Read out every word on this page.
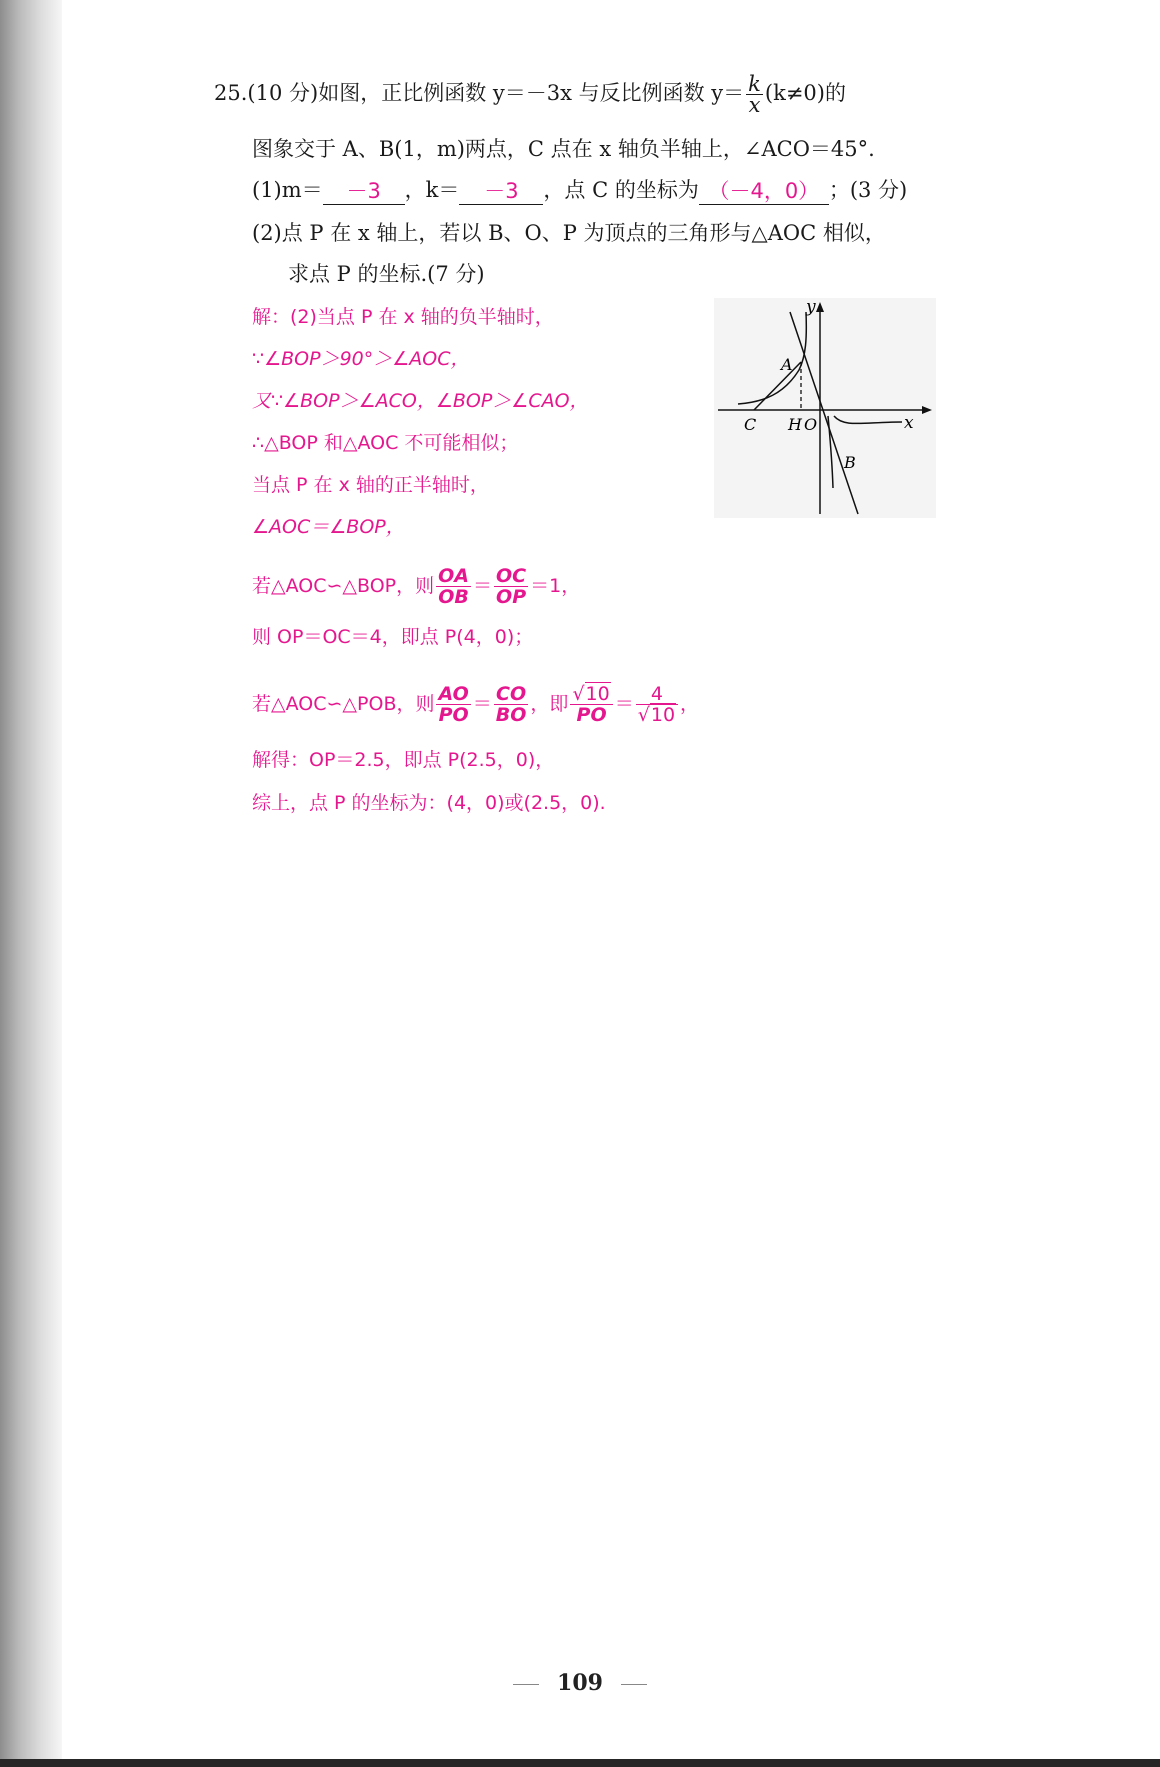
25.(10 分)如图，正比例函数 y＝－3x 与反比例函数 $y= \frac{k}{x} (k\ne 0)$的
图象交于 A、B(1，m)两点，C 点在 x 轴负半轴上，∠ACO＝45°.
(1)m＝ －3 ，k＝ －3 ，点 C 的坐标为 （－4，0） ；(3 分)
(2)点 P 在 x 轴上，若以 B、O、P 为顶点的三角形与△AOC 相似，
求点 P 的坐标.(7 分)
解：(2)当点 P 在 x 轴的负半轴时，
∵∠BOP＞90°＞∠AOC，
又∵∠BOP＞∠ACO，∠BOP＞∠CAO，
∴△BOP 和△AOC 不可能相似；
当点 P 在 x 轴的正半轴时，
∠AOC＝∠BOP，
若△AOC∽△BOP，则 $\frac{OA}{OB} = \frac{OC}{OP} =1$，
则 OP＝OC＝4，即点 P(4，0)；
若△AOC∽△POB，则 $\frac{AO}{PO} = \frac{CO}{BO}$ ，即 $\frac{√10}{PO} = \frac{4}{√10}$ ，
解得：OP＝2.5，即点 P(2.5，0)，
综上，点 P 的坐标为：(4，0)或(2.5，0).
x
y
A
B
C H O
109
